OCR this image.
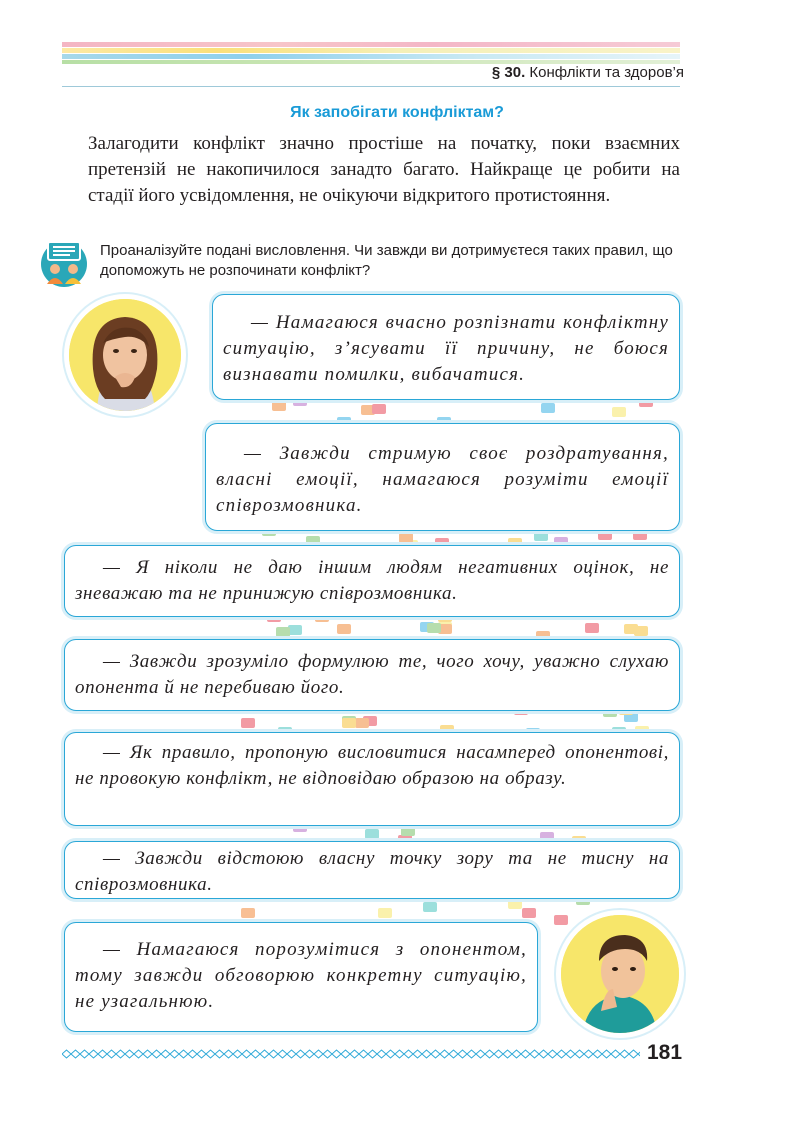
§ 30. Конфлікти та здоров’я
Як запобігати конфліктам?
Залагодити конфлікт значно простіше на початку, поки взаємних претензій не накопичилося занадто багато. Найкраще це робити на стадії його усвідомлення, не очікуючи відкритого протистояння.
Проаналізуйте подані висловлення. Чи завжди ви дотримуєтеся таких правил, що допоможуть не розпочинати конфлікт?

— Намагаюся вчасно розпізнати конфліктну ситуацію, з’ясувати її причину, не боюся визнавати помилки, вибачатися.

— Завжди стримую своє роздратування, власні емоції, намагаюся розуміти емоції співрозмовника.

— Я ніколи не даю іншим людям негативних оцінок, не зневажаю та не принижую співрозмовника.

— Завжди зрозуміло формулюю те, чого хочу, уважно слухаю опонента й не перебиваю його.

— Як правило, пропоную висловитися насамперед опонентові, не провокую конфлікт, не відповідаю образою на образу.

— Завжди відстоюю власну точку зору та не тисну на співрозмовника.

— Намагаюся порозумітися з опонентом, тому завжди обговорюю конкретну ситуацію, не узагальнюю.

181
